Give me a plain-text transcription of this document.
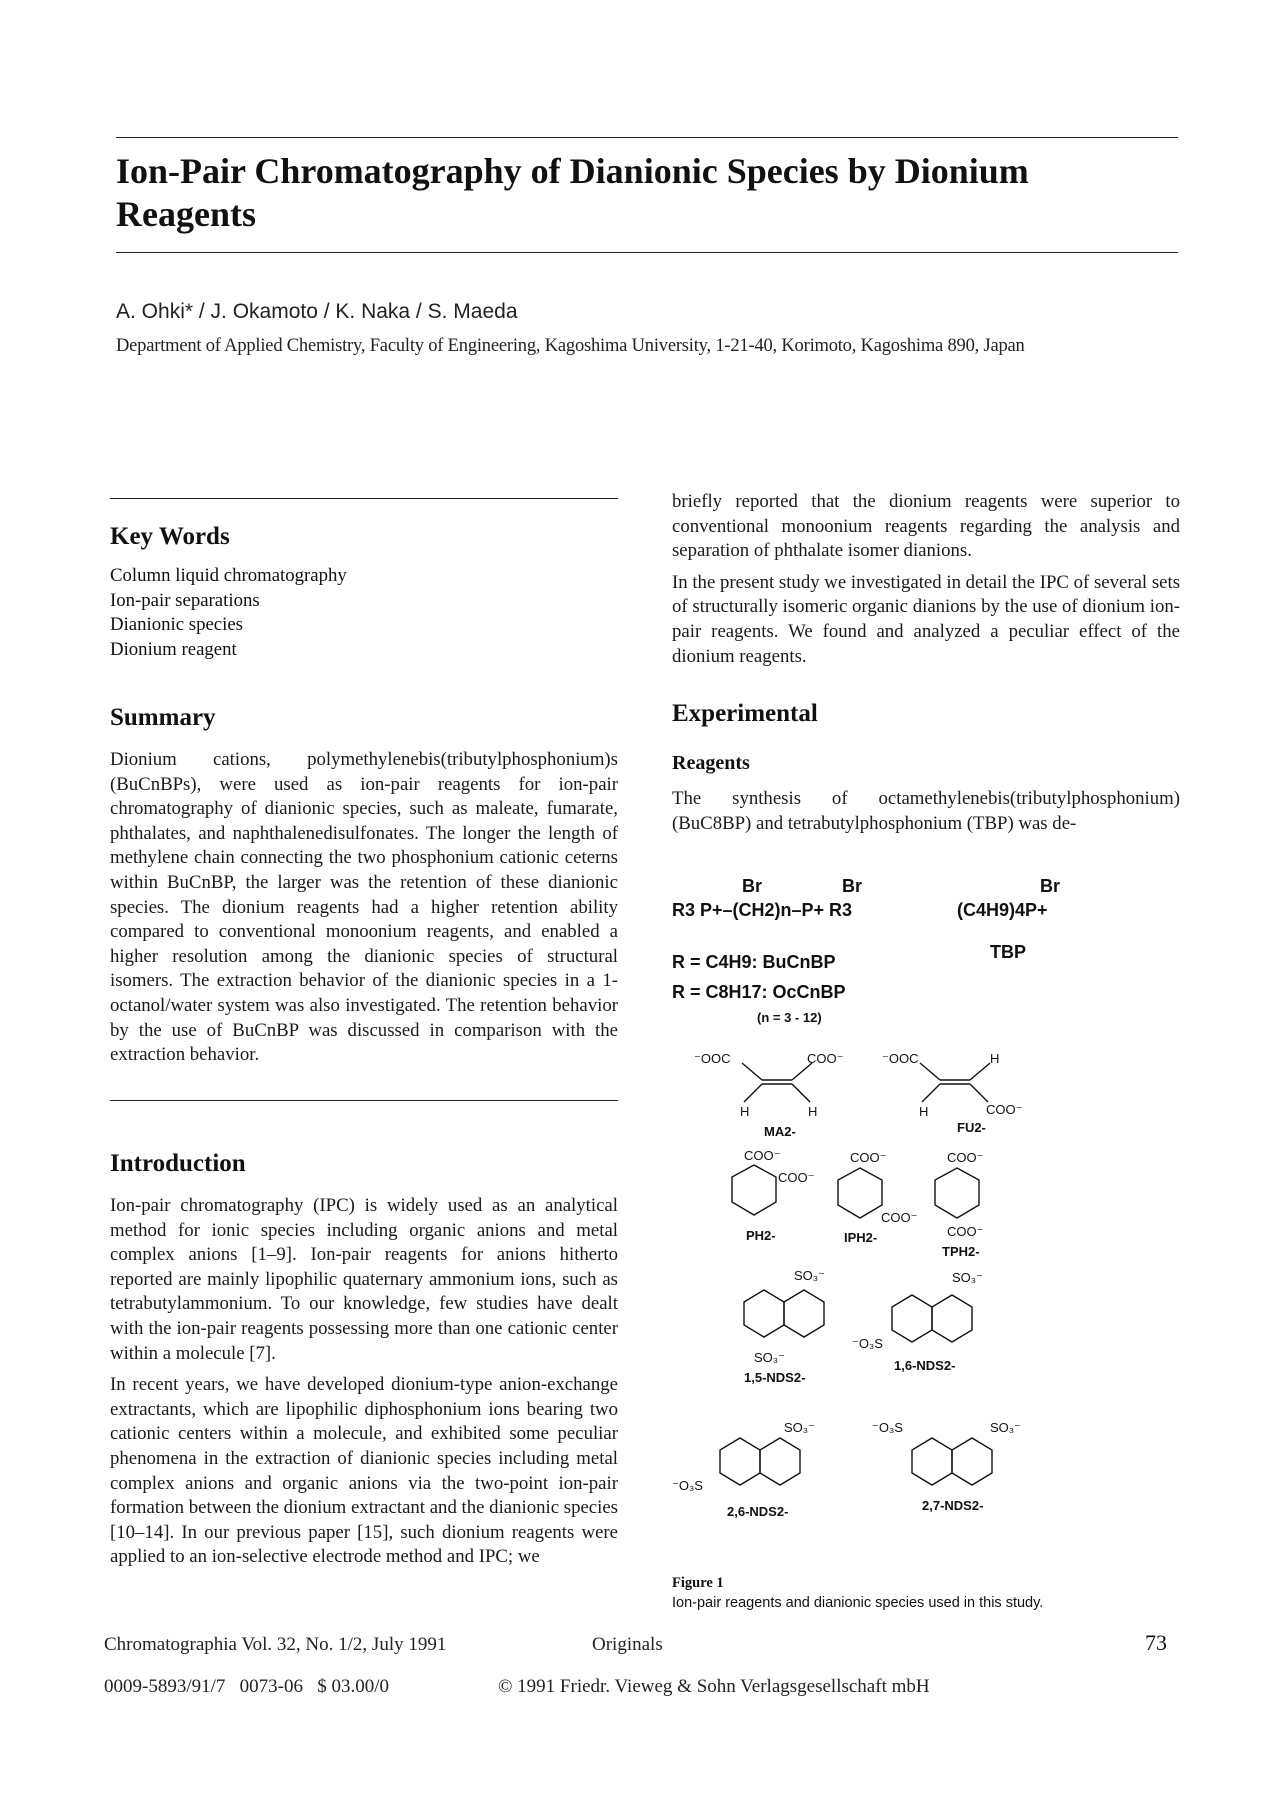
Ion-Pair Chromatography of Dianionic Species by Dionium Reagents
A. Ohki* / J. Okamoto / K. Naka / S. Maeda
Department of Applied Chemistry, Faculty of Engineering, Kagoshima University, 1-21-40, Korimoto, Kagoshima 890, Japan
Key Words
Column liquid chromatography
Ion-pair separations
Dianionic species
Dionium reagent
Summary

Dionium cations, polymethylenebis(tributylphosphonium)s (BuCnBPs), were used as ion-pair reagents for ion-pair chromatography of dianionic species, such as maleate, fumarate, phthalates, and naphthalenedisulfonates. The longer the length of methylene chain connecting the two phosphonium cationic ceterns within BuCnBP, the larger was the retention of these dianionic species. The dionium reagents had a higher retention ability compared to conventional monoonium reagents, and enabled a higher resolution among the dianionic species of structural isomers. The extraction behavior of the dianionic species in a 1-octanol/water system was also investigated. The retention behavior by the use of BuCnBP was discussed in comparison with the extraction behavior.

Introduction

Ion-pair chromatography (IPC) is widely used as an analytical method for ionic species including organic anions and metal complex anions [1–9]. Ion-pair reagents for anions hitherto reported are mainly lipophilic quaternary ammonium ions, such as tetrabutylammonium. To our knowledge, few studies have dealt with the ion-pair reagents possessing more than one cationic center within a molecule [7].

In recent years, we have developed dionium-type anion-exchange extractants, which are lipophilic diphosphonium ions bearing two cationic centers within a molecule, and exhibited some peculiar phenomena in the extraction of dianionic species including metal complex anions and organic anions via the two-point ion-pair formation between the dionium extractant and the dianionic species [10–14]. In our previous paper [15], such dionium reagents were applied to an ion-selective electrode method and IPC; we

briefly reported that the dionium reagents were superior to conventional monoonium reagents regarding the analysis and separation of phthalate isomer dianions.

In the present study we investigated in detail the IPC of several sets of structurally isomeric organic dianions by the use of dionium ion-pair reagents. We found and analyzed a peculiar effect of the dionium reagents.

Experimental
Reagents

The synthesis of octamethylenebis(tributylphosphonium) (BuC8BP) and tetrabutylphosphonium (TBP) was de-

Br	Br	Br
R3 P+–(CH2)n–P+ R3	(C4H9)4P+
TBP
R = C4H9: BuCnBP
R = C8H17: OcCnBP
(n = 3 - 12)
⁻OOC	COO⁻
H	H
⁻OOC	H
H	COO⁻
MA2-	FU2-
COO⁻
COO⁻
COO⁻
COO⁻
COO⁻
COO⁻
PH2-	IPH2-
TPH2-
SO₃⁻
SO₃⁻
SO₃⁻
⁻O₃S
SO₃⁻
⁻O₃S
⁻O₃S	SO₃⁻
1,5-NDS2-
1,6-NDS2-
2,6-NDS2-	2,7-NDS2-
Figure 1
Ion-pair reagents and dianionic species used in this study.
Chromatographia Vol. 32, No. 1/2, July 1991	Originals	73
0009-5893/91/7   0073-06   $ 03.00/0	© 1991 Friedr. Vieweg & Sohn Verlagsgesellschaft mbH
